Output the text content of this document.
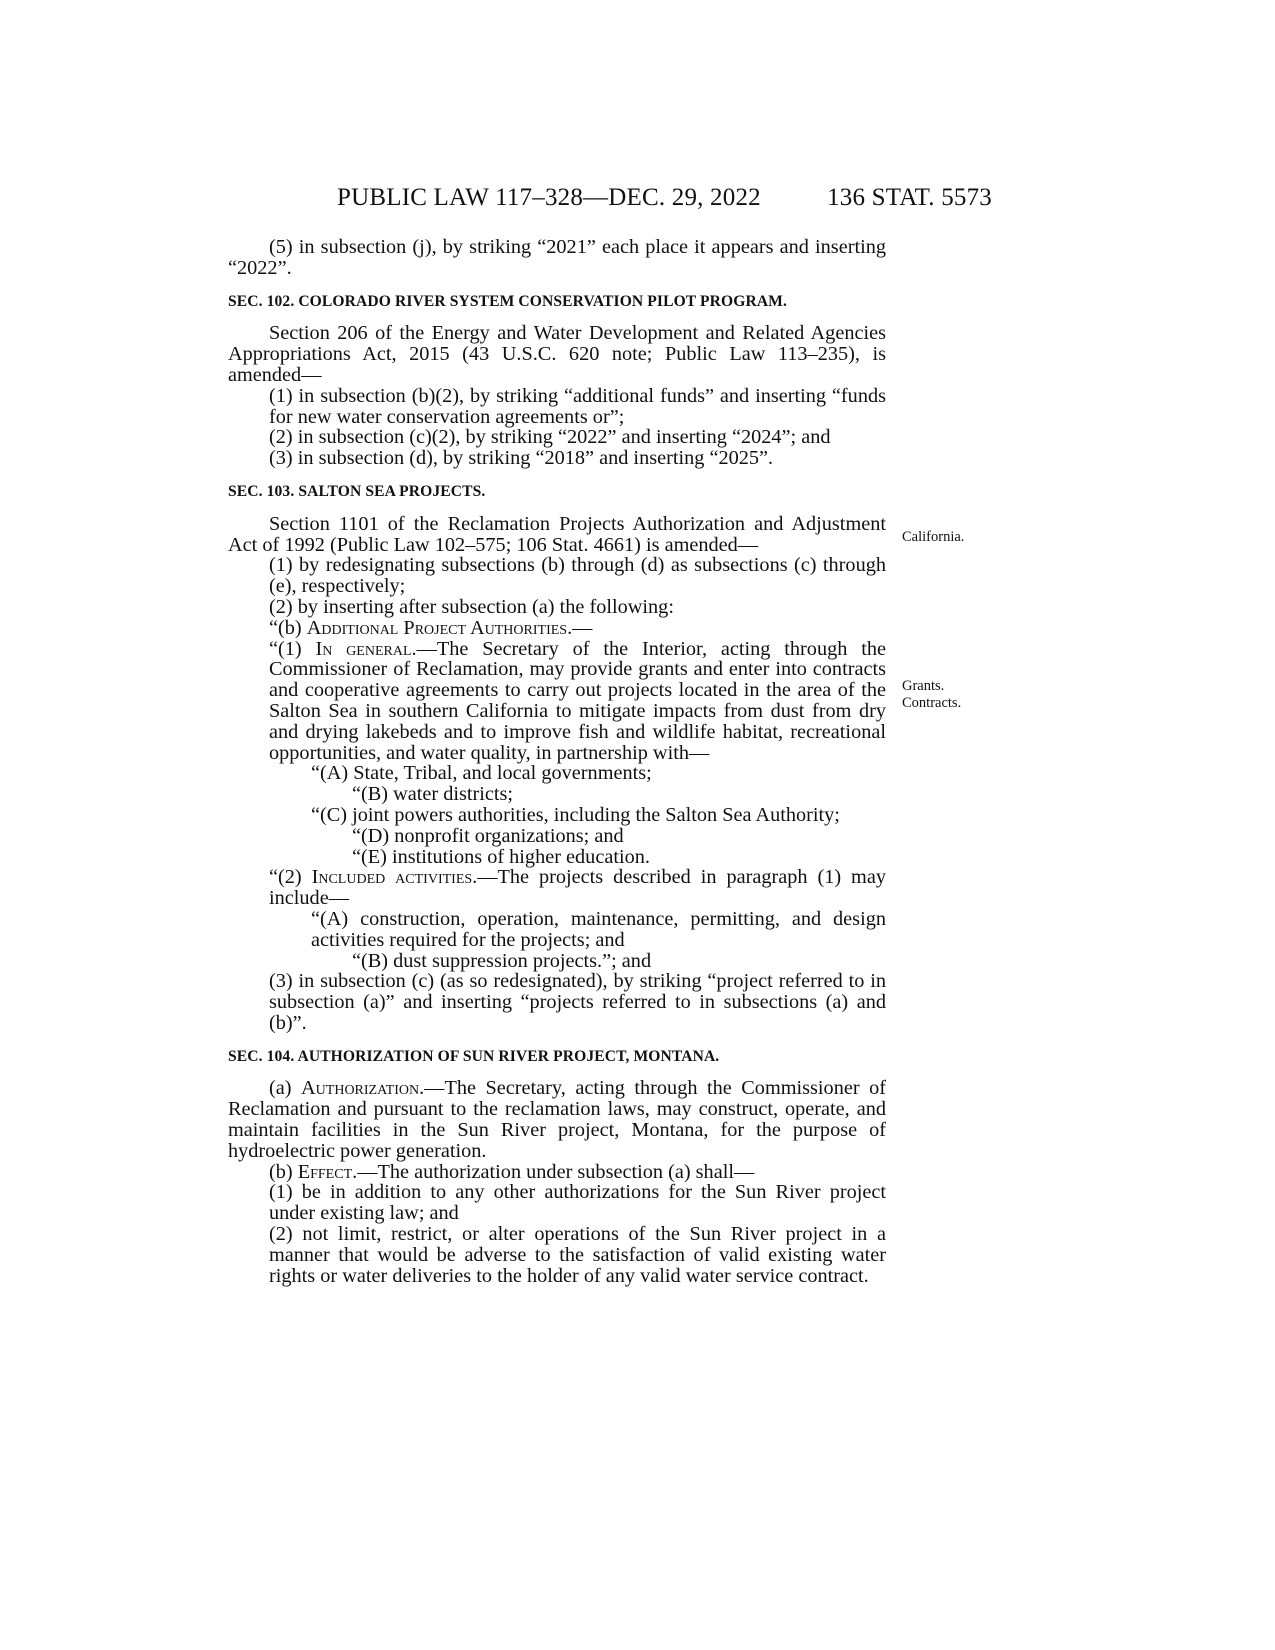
PUBLIC LAW 117–328—DEC. 29, 2022	136 STAT. 5573
California.
Grants.
Contracts.

(5) in subsection (j), by striking “2021” each place it appears and inserting “2022”.

SEC. 102. COLORADO RIVER SYSTEM CONSERVATION PILOT PROGRAM.

Section 206 of the Energy and Water Development and Related Agencies Appropriations Act, 2015 (43 U.S.C. 620 note; Public Law 113–235), is amended—

(1) in subsection (b)(2), by striking “additional funds” and inserting “funds for new water conservation agreements or”;

(2) in subsection (c)(2), by striking “2022” and inserting “2024”; and

(3) in subsection (d), by striking “2018” and inserting “2025”.

SEC. 103. SALTON SEA PROJECTS.

Section 1101 of the Reclamation Projects Authorization and Adjustment Act of 1992 (Public Law 102–575; 106 Stat. 4661) is amended—

(1) by redesignating subsections (b) through (d) as subsections (c) through (e), respectively;

(2) by inserting after subsection (a) the following:

“(b) Additional Project Authorities.—

“(1) In general.—The Secretary of the Interior, acting through the Commissioner of Reclamation, may provide grants and enter into contracts and cooperative agreements to carry out projects located in the area of the Salton Sea in southern California to mitigate impacts from dust from dry and drying lakebeds and to improve fish and wildlife habitat, recreational opportunities, and water quality, in partnership with—

“(A) State, Tribal, and local governments;

“(B) water districts;

“(C) joint powers authorities, including the Salton Sea Authority;

“(D) nonprofit organizations; and

“(E) institutions of higher education.

“(2) Included activities.—The projects described in paragraph (1) may include—

“(A) construction, operation, maintenance, permitting, and design activities required for the projects; and

“(B) dust suppression projects.”; and

(3) in subsection (c) (as so redesignated), by striking “project referred to in subsection (a)” and inserting “projects referred to in subsections (a) and (b)”.

SEC. 104. AUTHORIZATION OF SUN RIVER PROJECT, MONTANA.

(a) Authorization.—The Secretary, acting through the Commissioner of Reclamation and pursuant to the reclamation laws, may construct, operate, and maintain facilities in the Sun River project, Montana, for the purpose of hydroelectric power generation.

(b) Effect.—The authorization under subsection (a) shall—

(1) be in addition to any other authorizations for the Sun River project under existing law; and

(2) not limit, restrict, or alter operations of the Sun River project in a manner that would be adverse to the satisfaction of valid existing water rights or water deliveries to the holder of any valid water service contract.
